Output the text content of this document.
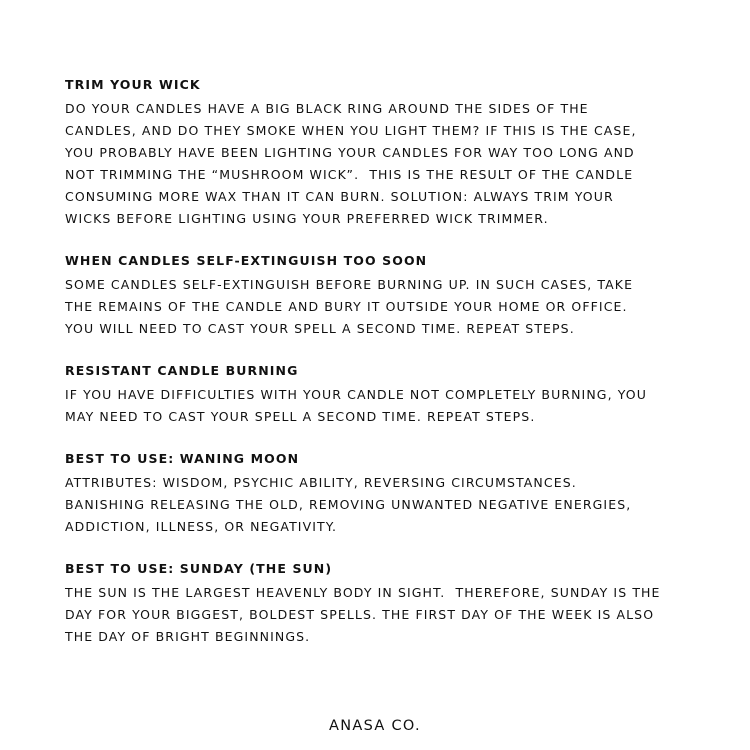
TRIM YOUR WICK
DO YOUR CANDLES HAVE A BIG BLACK RING AROUND THE SIDES OF THE
CANDLES, AND DO THEY SMOKE WHEN YOU LIGHT THEM? IF THIS IS THE CASE,
YOU PROBABLY HAVE BEEN LIGHTING YOUR CANDLES FOR WAY TOO LONG AND
NOT TRIMMING THE “MUSHROOM WICK”.  THIS IS THE RESULT OF THE CANDLE
CONSUMING MORE WAX THAN IT CAN BURN. SOLUTION: ALWAYS TRIM YOUR
WICKS BEFORE LIGHTING USING YOUR PREFERRED WICK TRIMMER.
WHEN CANDLES SELF-EXTINGUISH TOO SOON
SOME CANDLES SELF-EXTINGUISH BEFORE BURNING UP. IN SUCH CASES, TAKE
THE REMAINS OF THE CANDLE AND BURY IT OUTSIDE YOUR HOME OR OFFICE.
YOU WILL NEED TO CAST YOUR SPELL A SECOND TIME. REPEAT STEPS.
RESISTANT CANDLE BURNING
IF YOU HAVE DIFFICULTIES WITH YOUR CANDLE NOT COMPLETELY BURNING, YOU
MAY NEED TO CAST YOUR SPELL A SECOND TIME. REPEAT STEPS.
BEST TO USE: WANING MOON
ATTRIBUTES: WISDOM, PSYCHIC ABILITY, REVERSING CIRCUMSTANCES.
BANISHING RELEASING THE OLD, REMOVING UNWANTED NEGATIVE ENERGIES,
ADDICTION, ILLNESS, OR NEGATIVITY.
BEST TO USE: SUNDAY (THE SUN)
THE SUN IS THE LARGEST HEAVENLY BODY IN SIGHT.  THEREFORE, SUNDAY IS THE
DAY FOR YOUR BIGGEST, BOLDEST SPELLS. THE FIRST DAY OF THE WEEK IS ALSO
THE DAY OF BRIGHT BEGINNINGS.
ANASA CO.
